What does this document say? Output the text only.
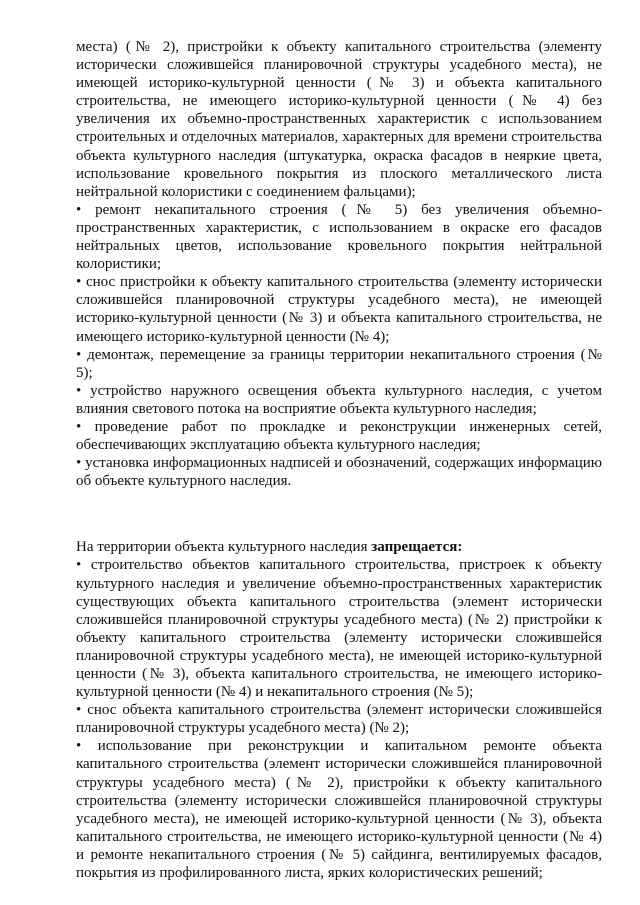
места) (№ 2), пристройки к объекту капитального строительства (элементу исторически сложившейся планировочной структуры усадебного места), не имеющей историко-культурной ценности (№ 3) и объекта капитального строительства, не имеющего историко-культурной ценности (№ 4) без увеличения их объемно-пространственных характеристик с использованием строительных и отделочных материалов, характерных для времени строительства объекта культурного наследия (штукатурка, окраска фасадов в неяркие цвета, использование кровельного покрытия из плоского металлического листа нейтральной колористики с соединением фальцами);

• ремонт некапитального строения (№ 5) без увеличения объемно-пространственных характеристик, с использованием в окраске его фасадов нейтральных цветов, использование кровельного покрытия нейтральной колористики;

• снос пристройки к объекту капитального строительства (элементу исторически сложившейся планировочной структуры усадебного места), не имеющей историко-культурной ценности (№ 3) и объекта капитального строительства, не имеющего историко-культурной ценности (№ 4);

• демонтаж, перемещение за границы территории некапитального строения (№ 5);

• устройство наружного освещения объекта культурного наследия, с учетом влияния светового потока на восприятие объекта культурного наследия;

• проведение работ по прокладке и реконструкции инженерных сетей, обеспечивающих эксплуатацию объекта культурного наследия;

• установка информационных надписей и обозначений, содержащих информацию об объекте культурного наследия.

На территории объекта культурного наследия запрещается:

• строительство объектов капитального строительства, пристроек к объекту культурного наследия и увеличение объемно-пространственных характеристик существующих объекта капитального строительства (элемент исторически сложившейся планировочной структуры усадебного места) (№ 2) пристройки к объекту капитального строительства (элементу исторически сложившейся планировочной структуры усадебного места), не имеющей историко-культурной ценности (№ 3), объекта капитального строительства, не имеющего историко-культурной ценности (№ 4) и некапитального строения (№ 5);

• снос объекта капитального строительства (элемент исторически сложившейся планировочной структуры усадебного места) (№ 2);

• использование при реконструкции и капитальном ремонте объекта капитального строительства (элемент исторически сложившейся планировочной структуры усадебного места) (№ 2), пристройки к объекту капитального строительства (элементу исторически сложившейся планировочной структуры усадебного места), не имеющей историко-культурной ценности (№ 3), объекта капитального строительства, не имеющего историко-культурной ценности (№ 4) и ремонте некапитального строения (№ 5) сайдинга, вентилируемых фасадов, покрытия из профилированного листа, ярких колористических решений;
